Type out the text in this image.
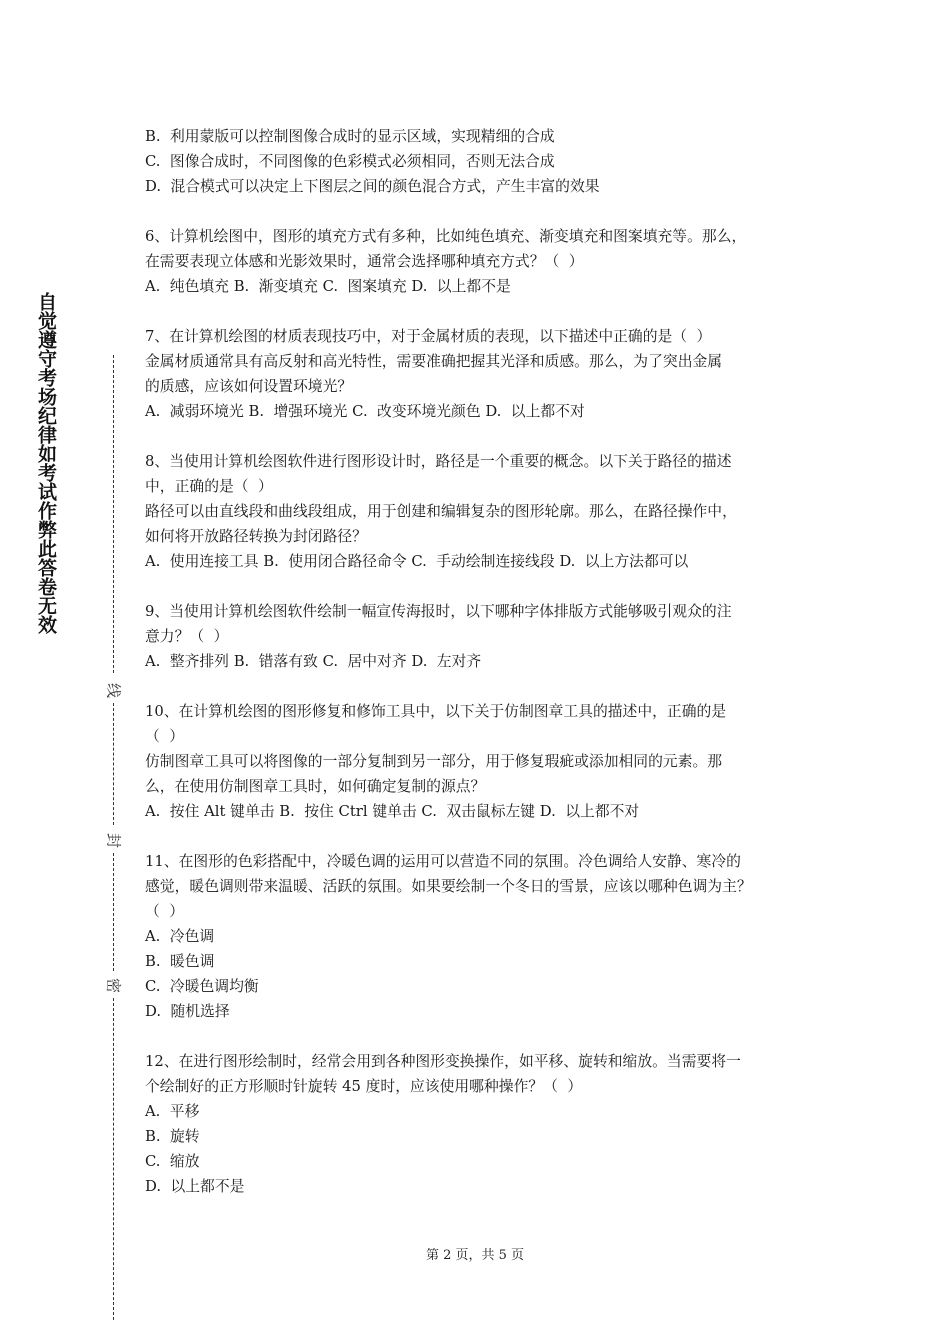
自觉遵守考场纪律如考试作弊此答卷无效
线
封
密
B.  利用蒙版可以控制图像合成时的显示区域，实现精细的合成
C.  图像合成时，不同图像的色彩模式必须相同，否则无法合成
D.  混合模式可以决定上下图层之间的颜色混合方式，产生丰富的效果
6、计算机绘图中，图形的填充方式有多种，比如纯色填充、渐变填充和图案填充等。那么，
在需要表现立体感和光影效果时，通常会选择哪种填充方式？（  ）
A.  纯色填充 B.  渐变填充 C.  图案填充 D.  以上都不是
7、在计算机绘图的材质表现技巧中，对于金属材质的表现，以下描述中正确的是（  ）
金属材质通常具有高反射和高光特性，需要准确把握其光泽和质感。那么，为了突出金属
的质感，应该如何设置环境光？
A.  减弱环境光 B.  增强环境光 C.  改变环境光颜色 D.  以上都不对
8、当使用计算机绘图软件进行图形设计时，路径是一个重要的概念。以下关于路径的描述
中，正确的是（  ）
路径可以由直线段和曲线段组成，用于创建和编辑复杂的图形轮廓。那么，在路径操作中，
如何将开放路径转换为封闭路径？
A.  使用连接工具 B.  使用闭合路径命令 C.  手动绘制连接线段 D.  以上方法都可以
9、当使用计算机绘图软件绘制一幅宣传海报时，以下哪种字体排版方式能够吸引观众的注
意力？（  ）
A.  整齐排列 B.  错落有致 C.  居中对齐 D.  左对齐
10、在计算机绘图的图形修复和修饰工具中，以下关于仿制图章工具的描述中，正确的是
（  ）
仿制图章工具可以将图像的一部分复制到另一部分，用于修复瑕疵或添加相同的元素。那
么，在使用仿制图章工具时，如何确定复制的源点？
A.  按住 Alt 键单击 B.  按住 Ctrl 键单击 C.  双击鼠标左键 D.  以上都不对
11、在图形的色彩搭配中，冷暖色调的运用可以营造不同的氛围。冷色调给人安静、寒冷的
感觉，暖色调则带来温暖、活跃的氛围。如果要绘制一个冬日的雪景，应该以哪种色调为主？
（  ）
A.  冷色调
B.  暖色调
C.  冷暖色调均衡
D.  随机选择
12、在进行图形绘制时，经常会用到各种图形变换操作，如平移、旋转和缩放。当需要将一
个绘制好的正方形顺时针旋转 45 度时，应该使用哪种操作？（  ）
A.  平移
B.  旋转
C.  缩放
D.  以上都不是
第 2 页，共 5 页
